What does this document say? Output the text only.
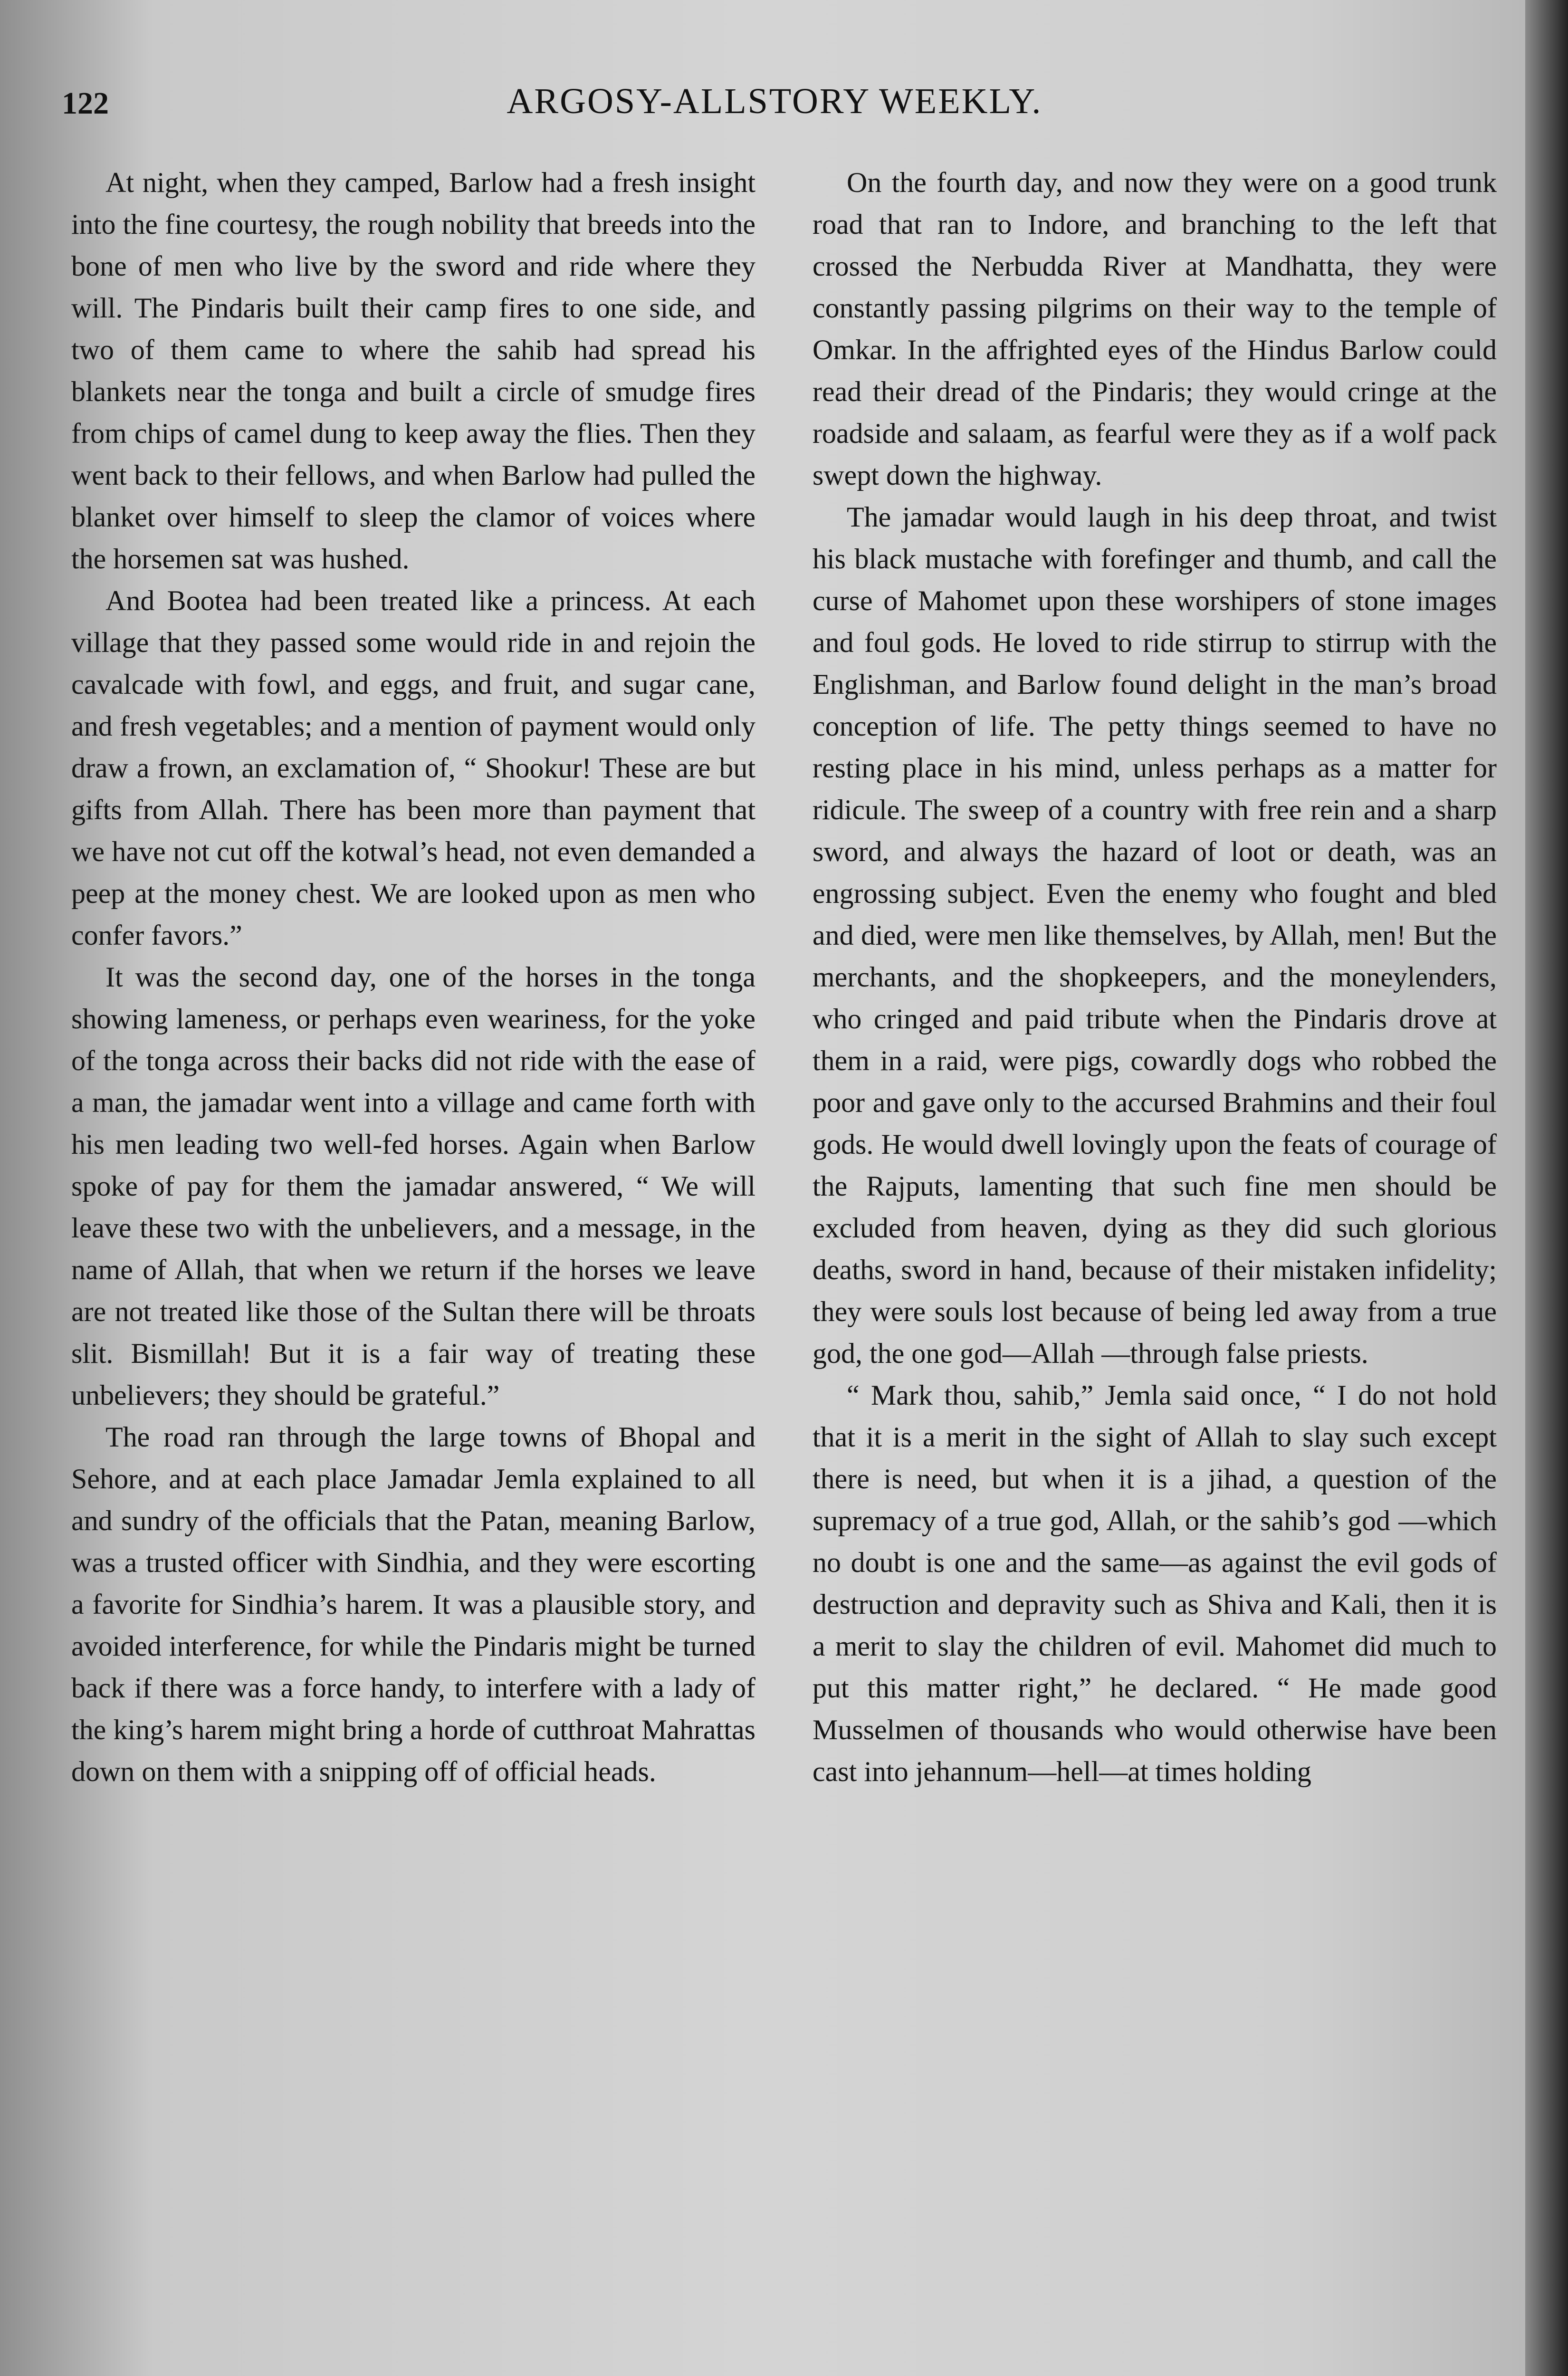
122	ARGOSY-ALLSTORY WEEKLY.

At night, when they camped, Barlow had a fresh insight into the fine courtesy, the rough nobility that breeds into the bone of men who live by the sword and ride where they will. The Pindaris built their camp fires to one side, and two of them came to where the sahib had spread his blankets near the tonga and built a circle of smudge fires from chips of camel dung to keep away the flies. Then they went back to their fellows, and when Barlow had pulled the blanket over himself to sleep the clamor of voices where the horsemen sat was hushed.

And Bootea had been treated like a princess. At each village that they passed some would ride in and rejoin the cavalcade with fowl, and eggs, and fruit, and sugar cane, and fresh vegetables; and a mention of payment would only draw a frown, an exclamation of, “ Shookur! These are but gifts from Allah. There has been more than payment that we have not cut off the kotwal’s head, not even demanded a peep at the money chest. We are looked upon as men who confer favors.”

It was the second day, one of the horses in the tonga showing lameness, or perhaps even weariness, for the yoke of the tonga across their backs did not ride with the ease of a man, the jamadar went into a village and came forth with his men leading two well-fed horses. Again when Barlow spoke of pay for them the jamadar answered, “ We will leave these two with the unbelievers, and a message, in the name of Allah, that when we return if the horses we leave are not treated like those of the Sultan there will be throats slit. Bismillah! But it is a fair way of treating these unbelievers; they should be grateful.”

The road ran through the large towns of Bhopal and Sehore, and at each place Jamadar Jemla explained to all and sundry of the officials that the Patan, meaning Barlow, was a trusted officer with Sindhia, and they were escorting a favorite for Sindhia’s harem. It was a plausible story, and avoided interference, for while the Pindaris might be turned back if there was a force handy, to interfere with a lady of the king’s harem might bring a horde of cutthroat Mahrattas down on them with a snipping off of official heads.

On the fourth day, and now they were on a good trunk road that ran to Indore, and branching to the left that crossed the Nerbudda River at Mandhatta, they were constantly passing pilgrims on their way to the temple of Omkar. In the affrighted eyes of the Hindus Barlow could read their dread of the Pindaris; they would cringe at the roadside and salaam, as fearful were they as if a wolf pack swept down the highway.

The jamadar would laugh in his deep throat, and twist his black mustache with forefinger and thumb, and call the curse of Mahomet upon these worshipers of stone images and foul gods. He loved to ride stirrup to stirrup with the Englishman, and Barlow found delight in the man’s broad conception of life. The petty things seemed to have no resting place in his mind, unless perhaps as a matter for ridicule. The sweep of a country with free rein and a sharp sword, and always the hazard of loot or death, was an engrossing subject. Even the enemy who fought and bled and died, were men like themselves, by Allah, men! But the merchants, and the shopkeepers, and the moneylenders, who cringed and paid tribute when the Pindaris drove at them in a raid, were pigs, cowardly dogs who robbed the poor and gave only to the accursed Brahmins and their foul gods. He would dwell lovingly upon the feats of courage of the Rajputs, lamenting that such fine men should be excluded from heaven, dying as they did such glorious deaths, sword in hand, because of their mistaken infidelity; they were souls lost because of being led away from a true god, the one god—Allah —through false priests.

“ Mark thou, sahib,” Jemla said once, “ I do not hold that it is a merit in the sight of Allah to slay such except there is need, but when it is a jihad, a question of the supremacy of a true god, Allah, or the sahib’s god —which no doubt is one and the same—as against the evil gods of destruction and depravity such as Shiva and Kali, then it is a merit to slay the children of evil. Mahomet did much to put this matter right,” he declared. “ He made good Musselmen of thousands who would otherwise have been cast into jehannum—hell—at times holding
